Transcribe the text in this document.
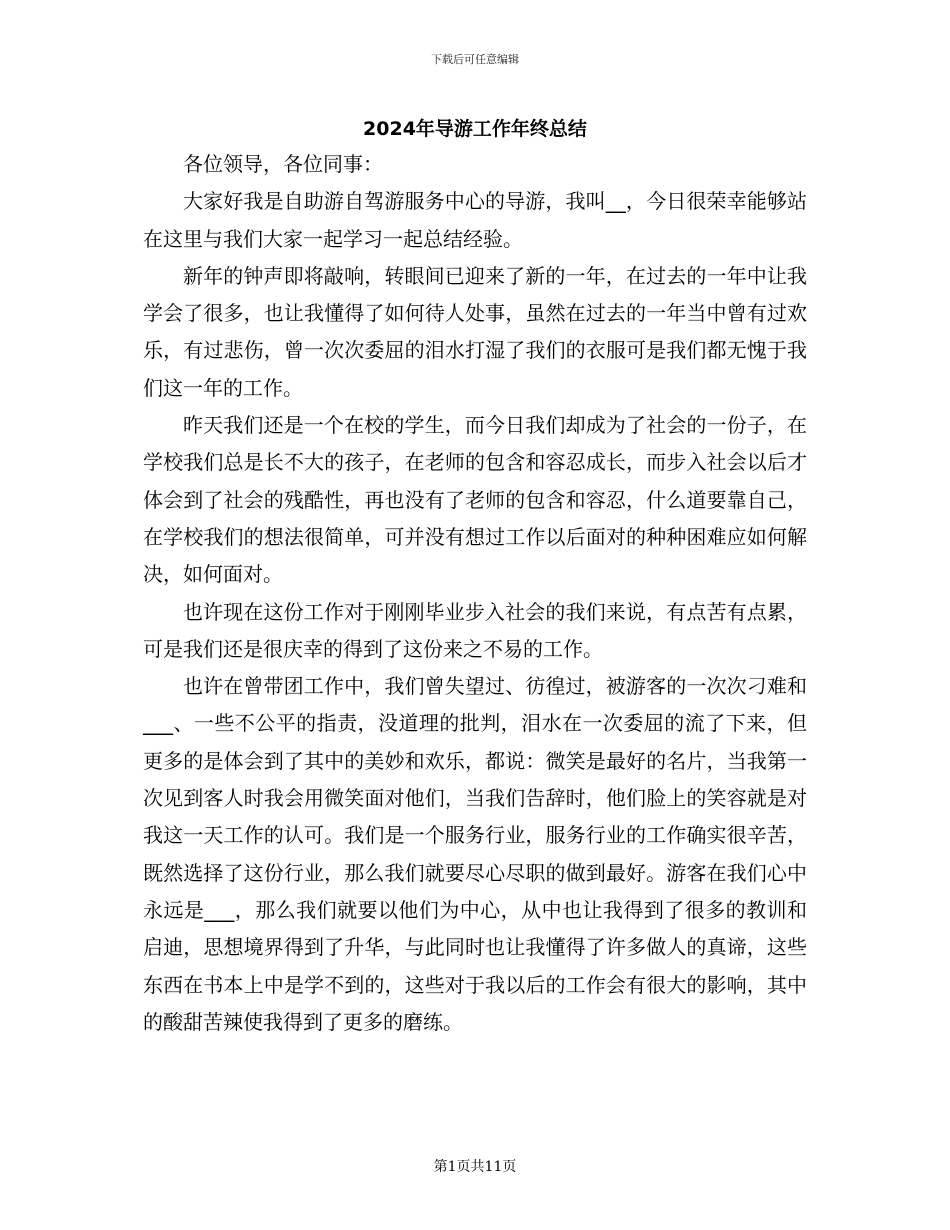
下载后可任意编辑
2024年导游工作年终总结

各位领导，各位同事：

大家好我是自助游自驾游服务中心的导游，我叫__，今日很荣幸能够站在这里与我们大家一起学习一起总结经验。

新年的钟声即将敲响，转眼间已迎来了新的一年，在过去的一年中让我学会了很多，也让我懂得了如何待人处事，虽然在过去的一年当中曾有过欢乐，有过悲伤，曾一次次委屈的泪水打湿了我们的衣服可是我们都无愧于我们这一年的工作。

昨天我们还是一个在校的学生，而今日我们却成为了社会的一份子，在学校我们总是长不大的孩子，在老师的包含和容忍成长，而步入社会以后才体会到了社会的残酷性，再也没有了老师的包含和容忍，什么道要靠自己，在学校我们的想法很简单，可并没有想过工作以后面对的种种困难应如何解决，如何面对。

也许现在这份工作对于刚刚毕业步入社会的我们来说，有点苦有点累，可是我们还是很庆幸的得到了这份来之不易的工作。

也许在曾带团工作中，我们曾失望过、彷徨过，被游客的一次次刁难和___、一些不公平的指责，没道理的批判，泪水在一次委屈的流了下来，但更多的是体会到了其中的美妙和欢乐，都说：微笑是最好的名片，当我第一次见到客人时我会用微笑面对他们，当我们告辞时，他们脸上的笑容就是对我这一天工作的认可。我们是一个服务行业，服务行业的工作确实很辛苦，既然选择了这份行业，那么我们就要尽心尽职的做到最好。游客在我们心中永远是___，那么我们就要以他们为中心，从中也让我得到了很多的教训和启迪，思想境界得到了升华，与此同时也让我懂得了许多做人的真谛，这些东西在书本上中是学不到的，这些对于我以后的工作会有很大的影响，其中的酸甜苦辣使我得到了更多的磨练。

第1页共11页
